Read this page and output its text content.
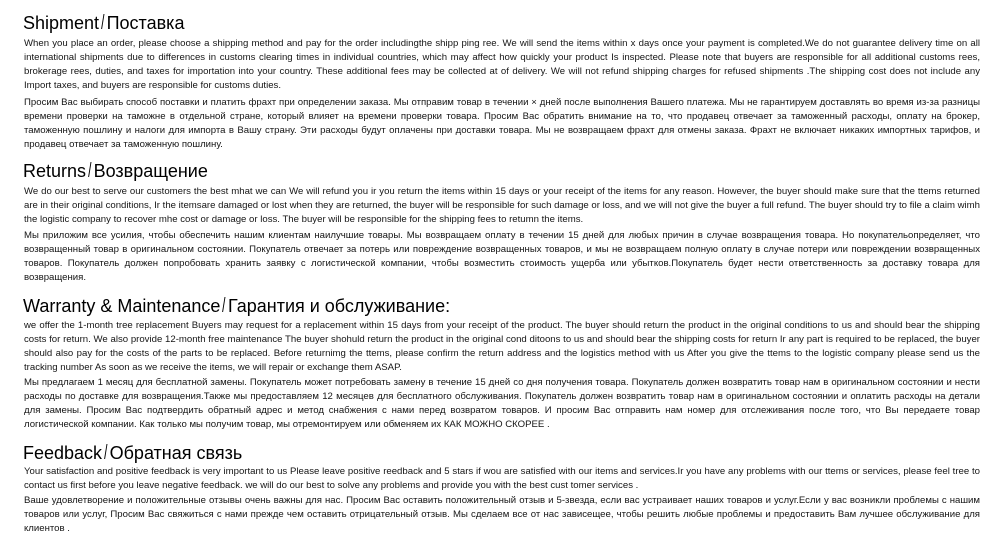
Shipment / Поставка

When you place an order, please choose a shipping method and pay for the order includingthe shipp ping ree. We will send the items within x days once your payment is completed.We do not guarantee delivery time on all international shipments due to differences in customs clearing times in individual countries, which may affect how quickly your product Is inspected. Please note that buyers are responsible for all additional customs rees, brokerage rees, duties, and taxes for importation into your country. These additional fees may be collected at of delivery. We will not refund shipping charges for refused shipments .The shipping cost does not include any Import taxes, and buyers are responsible for customs duties.

Просим Вас выбирать способ поставки и платить фрахт при определении заказа. Мы отправим товар в течении × дней после выполнения Вашего платежа. Мы не гарантируем доставлять во время из-за разницы времени проверки на таможне в отдельной стране, который влияет на времени проверки товара. Просим Вас обратить внимание на то, что продавец отвечает за таможенный расходы, оплату на брокер, таможенную пошлину и налоги для импорта в Вашу страну. Эти расходы будут оплачены при доставки товара. Мы не возвращаем фрахт для отмены заказа. Фрахт не включает никаких импортных тарифов, и продавец отвечает за таможенную пошлину.

Returns / Возвращение

We do our best to serve our customers the best mhat we can We will refund you ir you return the items within 15 days or your receipt of the items for any reason. However, the buyer should make sure that the ttems returned are in their original conditions, Ir the itemsare damaged or lost when they are returned, the buyer will be responsible for such damage or loss, and we will not give the buyer a full refund. The buyer should try to file a claim wimh the logistic company to recover mhe cost or damage or loss. The buyer will be responsible for the shipping fees to retumn the items.

Мы приложим все усилия, чтобы обеспечить нашим клиентам наилучшие товары. Мы возвращаем оплату в течении 15 дней для любых причин в случае возвращения товара. Но покупательопределяет, что возвращенный товар в оригинальном состоянии. Покупатель отвечает за потерь или повреждение возвращенных товаров, и мы не возвращаем полную оплату в случае потери или повреждении возвращенных товаров. Покупатель должен попробовать хранить заявку с логистической компании, чтобы возместить стоимость ущерба или убытков.Покупатель будет нести ответственность за доставку товара для возвращения.

Warranty & Maintenance / Гарантия и обслуживание:

we offer the 1-month tree replacement Buyers may request for a replacement within 15 days from your receipt of the product. The buyer should return the product in the original conditions to us and should bear the shipping costs for return. We also provide 12-month free maintenance The buyer shohuld return the product in the original cond ditoons to us and should bear the shipping costs for return Ir any part is required to be replaced, the buyer should also pay for the costs of the parts to be replaced. Before returnimg the ttems, please confirm the return address and the logistics method with us After you give the ttems to the logistic company please send us the tracking number As soon as we receive the items, we will repair or exchange them ASAP.

Мы предлагаем 1 месяц для бесплатной замены. Покупатель может потребовать замену в течение 15 дней со дня получения товара. Покупатель должен возвратить товар нам в оригинальном состоянии и нести расходы по доставке для возвращения.Также мы предоставляем 12 месяцев для бесплатного обслуживания. Покупатель должен возвратить товар нам в оригинальном состоянии и оплатить расходы на детали для замены. Просим Вас подтвердить обратный адрес и метод снабжения с нами перед возвратом товаров. И просим Вас отправить нам номер для отслеживания после того, что Вы передаете товар логистической компании. Как только мы получим товар, мы отремонтируем или обменяем их КАК МОЖНО СКОРЕЕ .

Feedback / Обратная связь

Your satisfaction and positive feedback is very important to us Please leave positive reedback and 5 stars if wou are satisfied with our items and services.Ir you have any problems with our ttems or services, please feel tree to contact us first before you leave negative feedback. we will do our best to solve any problems and provide you with the best cust tomer services .

Ваше удовлетворение и положительные отзывы очень важны для нас. Просим Вас оставить положительный отзыв и 5-звезда, если вас устраивает наших товаров и услуг.Если у вас возникли проблемы с нашим товаров или услуг, Просим Вас свяжиться с нами прежде чем оставить отрицательный отзыв. Мы сделаем все от нас зависещее, чтобы решить любые проблемы и предоставить Вам лучшее обслуживание для клиентов .
